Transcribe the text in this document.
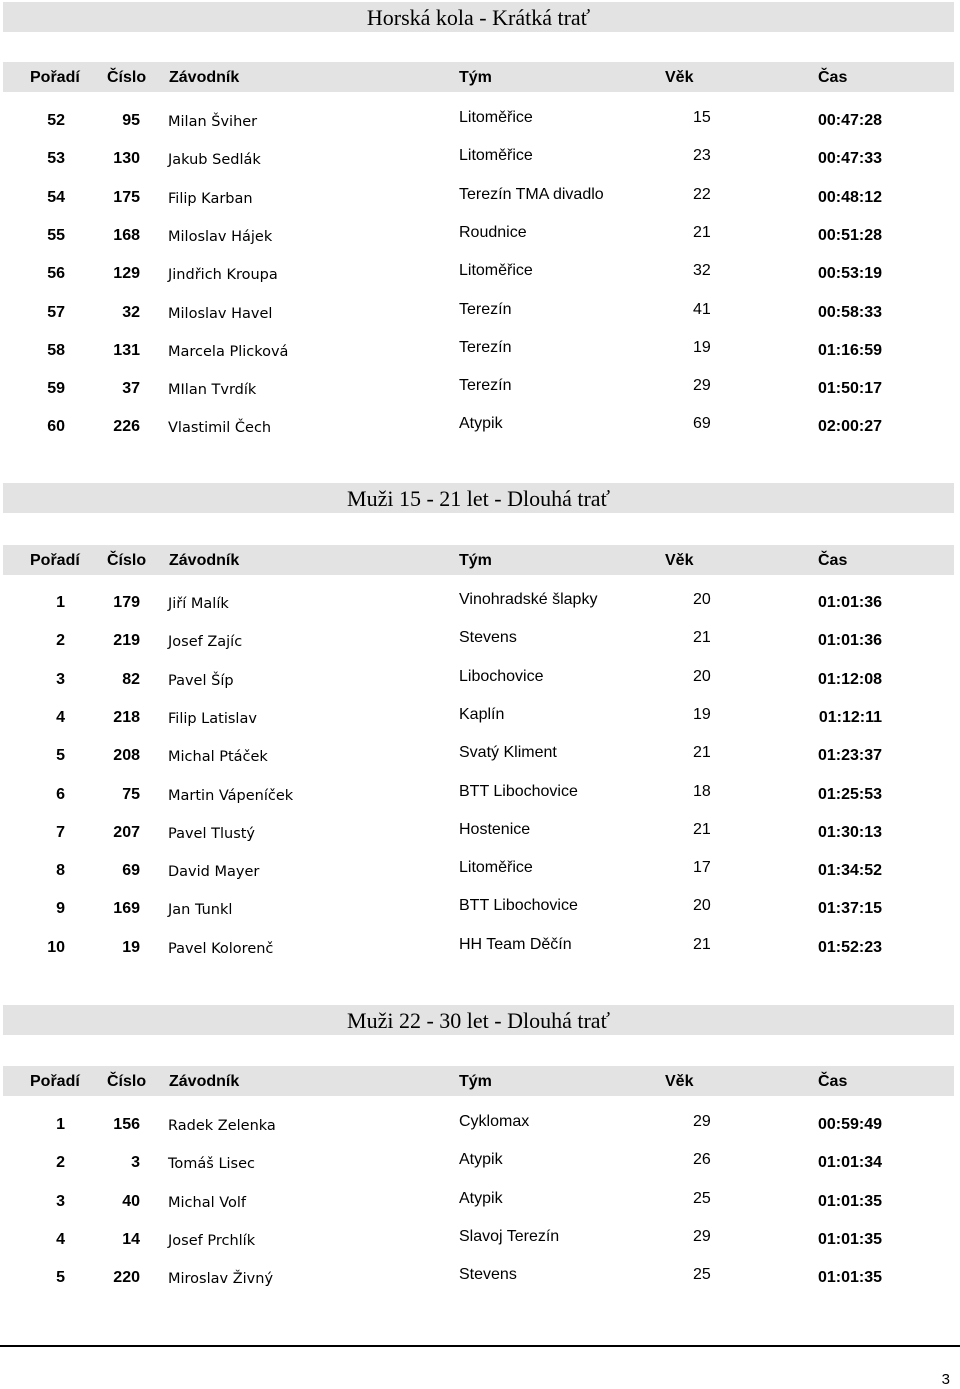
Horská kola - Krátká trať
Pořadí Číslo Závodník	Tým	Věk	Čas
52	95 Milan Šviher	Litoměřice	15	00:47:28
53	130 Jakub Sedlák	Litoměřice	23	00:47:33
54	175 Filip Karban	Terezín TMA divadlo	22	00:48:12
55	168 Miloslav Hájek	Roudnice	21	00:51:28
56	129 Jindřich Kroupa	Litoměřice	32	00:53:19
57	32 Miloslav Havel	Terezín	41	00:58:33
58	131 Marcela Plicková	Terezín	19	01:16:59
59	37 MIlan Tvrdík	Terezín	29	01:50:17
60	226 Vlastimil Čech	Atypik	69	02:00:27
Muži 15 - 21 let - Dlouhá trať
Pořadí Číslo Závodník	Tým	Věk	Čas
1	179 Jiří Malík	Vinohradské šlapky	20	01:01:36
2	219 Josef Zajíc	Stevens	21	01:01:36
3	82 Pavel Šíp	Libochovice	20	01:12:08
4	218 Filip Latislav	Kaplín	19	01:12:11
5	208 Michal Ptáček	Svatý Kliment	21	01:23:37
6	75 Martin Vápeníček	BTT Libochovice	18	01:25:53
7	207 Pavel Tlustý	Hostenice	21	01:30:13
8	69 David Mayer	Litoměřice	17	01:34:52
9	169 Jan Tunkl	BTT Libochovice	20	01:37:15
10	19 Pavel Kolorenč	HH Team Děčín	21	01:52:23
Muži 22 - 30 let - Dlouhá trať
Pořadí Číslo Závodník	Tým	Věk	Čas
1	156 Radek Zelenka	Cyklomax	29	00:59:49
2	3 Tomáš Lisec	Atypik	26	01:01:34
3	40 Michal Volf	Atypik	25	01:01:35
4	14 Josef Prchlík	Slavoj Terezín	29	01:01:35
5	220 Miroslav Živný	Stevens	25	01:01:35
3
